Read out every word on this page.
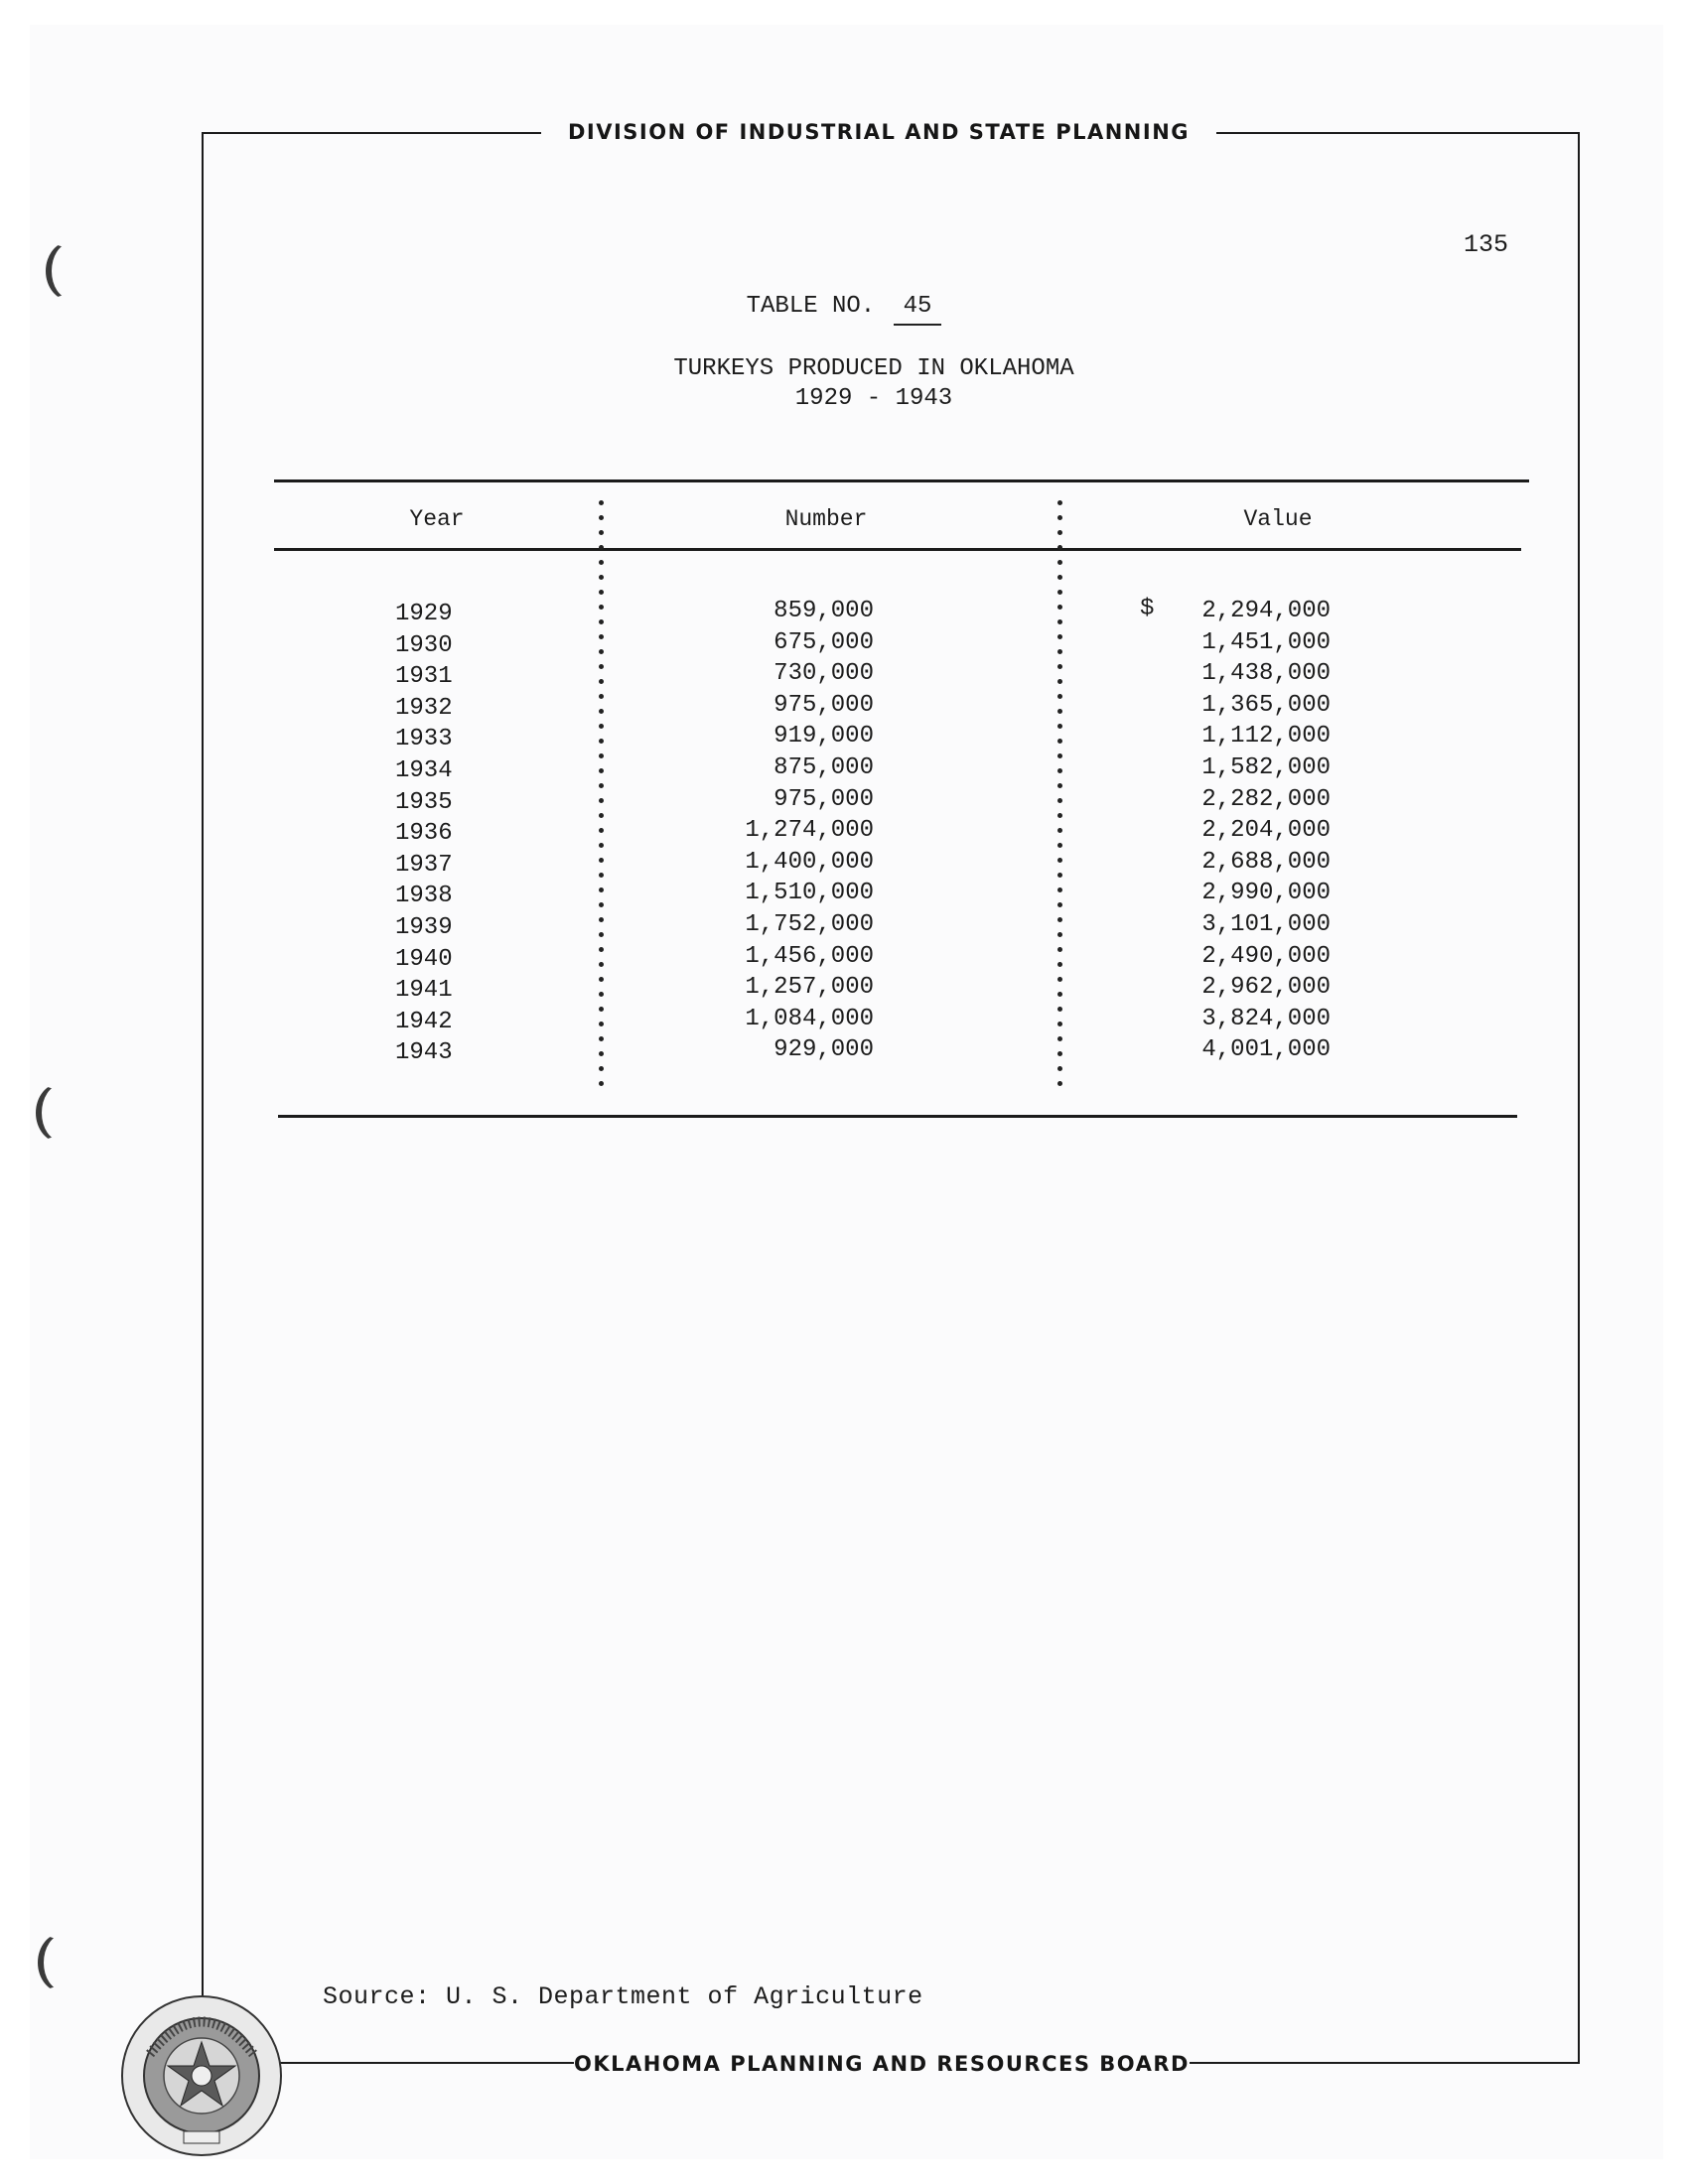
DIVISION OF INDUSTRIAL AND STATE PLANNING
135
TABLE NO. 45
TURKEYS PRODUCED IN OKLAHOMA
1929 - 1943
Year	Number	Value
1929
1930
1931
1932
1933
1934
1935
1936
1937
1938
1939
1940
1941
1942
1943
$
859,000
675,000
730,000
975,000
919,000
875,000
975,000
1,274,000
1,400,000
1,510,000
1,752,000
1,456,000
1,257,000
1,084,000
929,000
2,294,000
1,451,000
1,438,000
1,365,000
1,112,000
1,582,000
2,282,000
2,204,000
2,688,000
2,990,000
3,101,000
2,490,000
2,962,000
3,824,000
4,001,000
Source: U. S. Department of Agriculture
OKLAHOMA PLANNING AND RESOURCES BOARD
